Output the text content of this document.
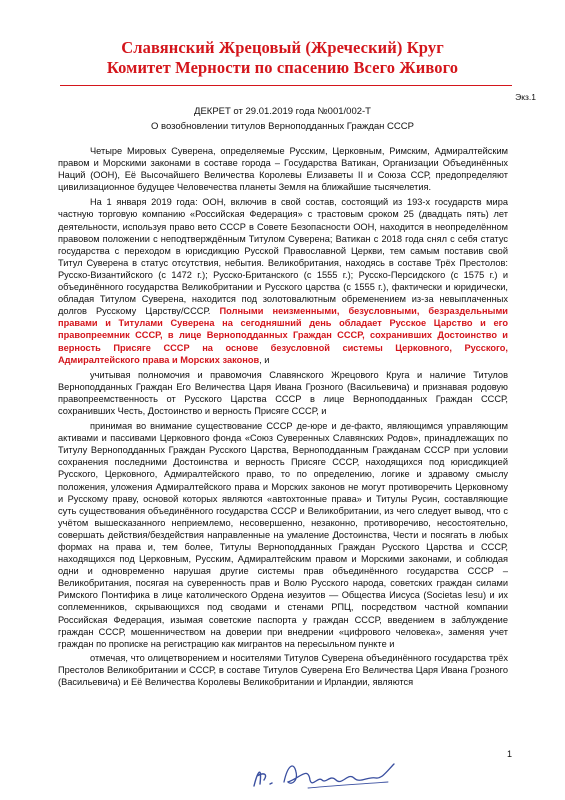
Славянский Жрецовый (Жреческий) Круг
Комитет Мерности по спасению Всего Живого
Экз.1
ДЕКРЕТ от 29.01.2019 года №001/002-Т
О возобновлении титулов Верноподданных Граждан СССР

Четыре Мировых Суверена, определяемые Русским, Церковным, Римским, Адмиралтейским правом и Морскими законами в составе города – Государства Ватикан, Организации Объединённых Наций (ООН), Её Высочайшего Величества Королевы Елизаветы II и Союза ССР, предопределяют цивилизационное будущее Человечества планеты Земля на ближайшие тысячелетия.

На 1 января 2019 года: ООН, включив в свой состав, состоящий из 193-х государств мира частную торговую компанию «Российская Федерация» с трастовым сроком 25 (двадцать пять) лет деятельности, используя право вето СССР в Совете Безопасности ООН, находится в неопределённом правовом положении с неподтверждённым Титулом Суверена; Ватикан с 2018 года снял с себя статус государства с переходом в юрисдикцию Русской Православной Церкви, тем самым поставив свой Титул Суверена в статус отсутствия, небытия. Великобритания, находясь в составе Трёх Престолов: Русско-Византийского (с 1472 г.); Русско-Британского (с 1555 г.); Русско-Персидского (с 1575 г.) и объединённого государства Великобритании и Русского царства (с 1555 г.), фактически и юридически, обладая Титулом Суверена, находится под золотовалютным обременением из-за невыплаченных долгов Русскому Царству/СССР. Полными неизменными, безусловными, безраздельными правами и Титулами Суверена на сегодняшний день обладает Русское Царство и его правопреемник СССР, в лице Верноподданных Граждан СССР, сохранивших Достоинство и верность Присяге СССР на основе безусловной системы Церковного, Русского, Адмиралтейского права и Морских законов, и

учитывая полномочия и правомочия Славянского Жрецового Круга и наличие Титулов Верноподданных Граждан Его Величества Царя Ивана Грозного (Васильевича) и признавая родовую правопреемственность от Русского Царства СССР в лице Верноподданных Граждан СССР, сохранивших Честь, Достоинство и верность Присяге СССР, и

принимая во внимание существование СССР де-юре и де-факто, являющимся управляющим активами и пассивами Церковного фонда «Союз Суверенных Славянских Родов», принадлежащих по Титулу Верноподданных Граждан Русского Царства, Верноподданным Гражданам СССР при условии сохранения последними Достоинства и верность Присяге СССР, находящихся под юрисдикцией Русского, Церковного, Адмиралтейского право, то по определению, логике и здравому смыслу положения, уложения Адмиралтейского права и Морских законов не могут противоречить Церковному и Русскому праву, основой которых являются «автохтонные права» и Титулы Русин, составляющие суть существования объединённого государства СССР и Великобритании, из чего следует вывод, что с учётом вышесказанного неприемлемо, несовершенно, незаконно, противоречиво, несостоятельно, совершать действия/бездействия направленные на умаление Достоинства, Чести и посягать в любых формах на права и, тем более, Титулы Верноподданных Граждан Русского Царства и СССР, находящихся под Церковным, Русским, Адмиралтейским правом и Морскими законами, и соблюдая одни и одновременно нарушая другие системы прав объединённого государства СССР – Великобритания, посягая на суверенность прав и Волю Русского народа, советских граждан силами Римского Понтифика в лице католического Ордена иезуитов — Общества Иисуса (Societas Iesu) и их соплеменников, скрывающихся под сводами и стенами РПЦ, посредством частной компании Российская Федерация, изымая советские паспорта у граждан СССР, введением в заблуждение граждан СССР, мошенничеством на доверии при внедрении «цифрового человека», заменяя учет граждан по прописке на регистрацию как мигрантов на пересыльном пункте и

отмечая, что олицетворением и носителями Титулов Суверена объединённого государства трёх Престолов Великобритании и СССР, в составе Титулов Суверена Его Величества Царя Ивана Грозного (Васильевича) и Её Величества Королевы Великобритании и Ирландии, являются

1
